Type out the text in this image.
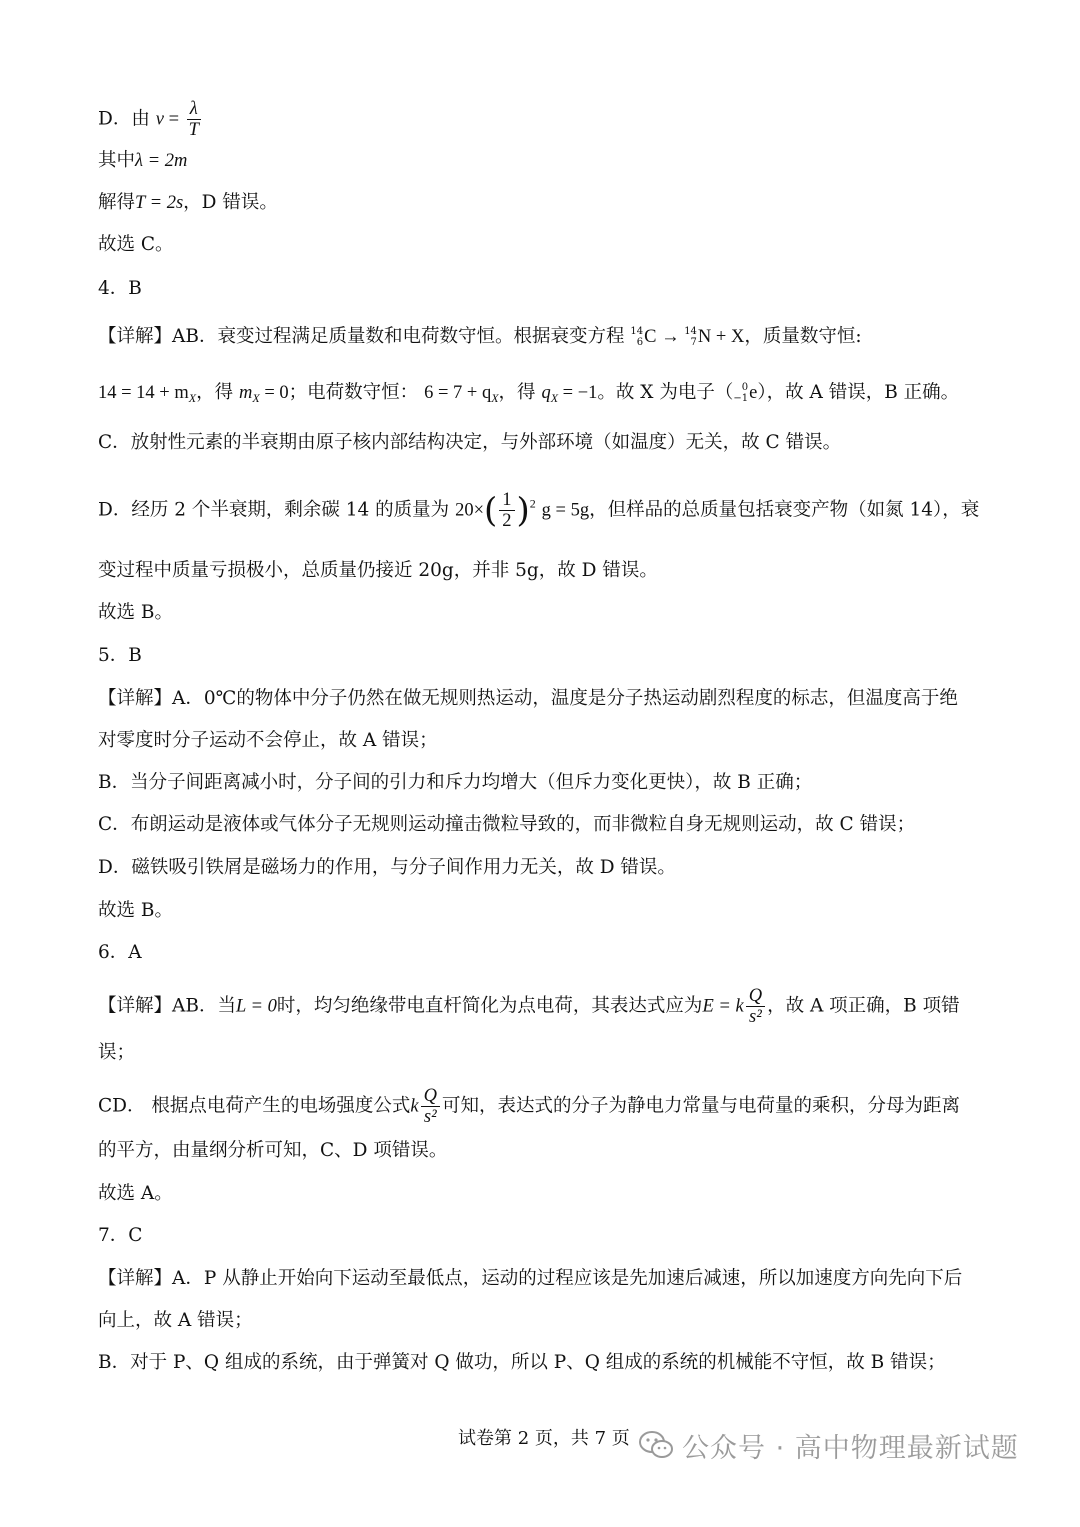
D．由 $v = \frac{\lambda}{T}$
其中λ = 2m
解得T = 2s，D 错误。
故选 C。
4．B
【详解】AB．衰变过程满足质量数和电荷数守恒。根据衰变方程 14
6 C → 14
7 N + X，质量数守恒:
$14 = 14 + m_X$，得 $m_X = 0$；电荷数守恒： $6 = 7 + q_X$，得 $q_X = -1$。故 X 为电子（ 0
−1 e），故 A 错误，B 正确。
C．放射性元素的半衰期由原子核内部结构决定，与外部环境（如温度）无关，故 C 错误。
D．经历 2 个半衰期，剩余碳 14 的质量为 $20\times( \frac{1}{2} )^2$ g = 5g，但样品的总质量包括衰变产物（如氮 14），衰
变过程中质量亏损极小，总质量仍接近 20g，并非 5g，故 D 错误。
故选 B。
5．B
【详解】A．0℃的物体中分子仍然在做无规则热运动，温度是分子热运动剧烈程度的标志，但温度高于绝
对零度时分子运动不会停止，故 A 错误；
B．当分子间距离减小时，分子间的引力和斥力均增大（但斥力变化更快），故 B 正确；
C．布朗运动是液体或气体分子无规则运动撞击微粒导致的，而非微粒自身无规则运动，故 C 错误；
D．磁铁吸引铁屑是磁场力的作用，与分子间作用力无关，故 D 错误。
故选 B。
6．A
【详解】AB．当L = 0时，均匀绝缘带电直杆简化为点电荷，其表达式应为E = k $\frac{Q}{\text{s²}}$ ，故 A 项正确，B 项错
误；
CD． 根据点电荷产生的电场强度公式k $\frac{Q}{\text{s²}}$ 可知，表达式的分子为静电力常量与电荷量的乘积，分母为距离
的平方，由量纲分析可知，C、D 项错误。
故选 A。
7．C
【详解】A．P 从静止开始向下运动至最低点，运动的过程应该是先加速后减速，所以加速度方向先向下后
向上，故 A 错误；
B．对于 P、Q 组成的系统，由于弹簧对 Q 做功，所以 P、Q 组成的系统的机械能不守恒，故 B 错误；
试卷第 2 页，共 7 页 公众号 · 高中物理最新试题
